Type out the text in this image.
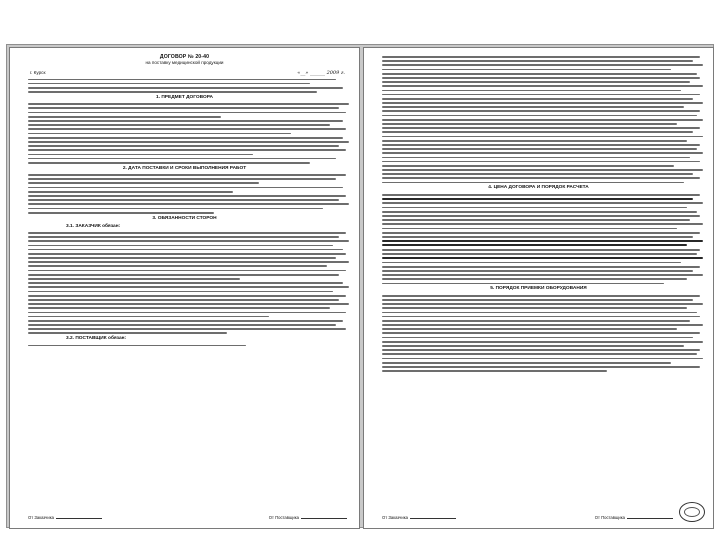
ДОГОВОР № 20-40
на поставку медицинской продукции
г. Курск	«__» ______ 2009 г.
1. ПРЕДМЕТ ДОГОВОРА
2. ДАТА ПОСТАВКИ И СРОКИ ВЫПОЛНЕНИЯ РАБОТ
3. ОБЯЗАННОСТИ СТОРОН
3.1. ЗАКАЗЧИК обязан:
3.2. ПОСТАВЩИК обязан:
От Заказчика	От Поставщика
4. ЦЕНА ДОГОВОРА И ПОРЯДОК РАСЧЕТА
5. ПОРЯДОК ПРИЕМКИ ОБОРУДОВАНИЯ
От Заказчика	От Поставщика
